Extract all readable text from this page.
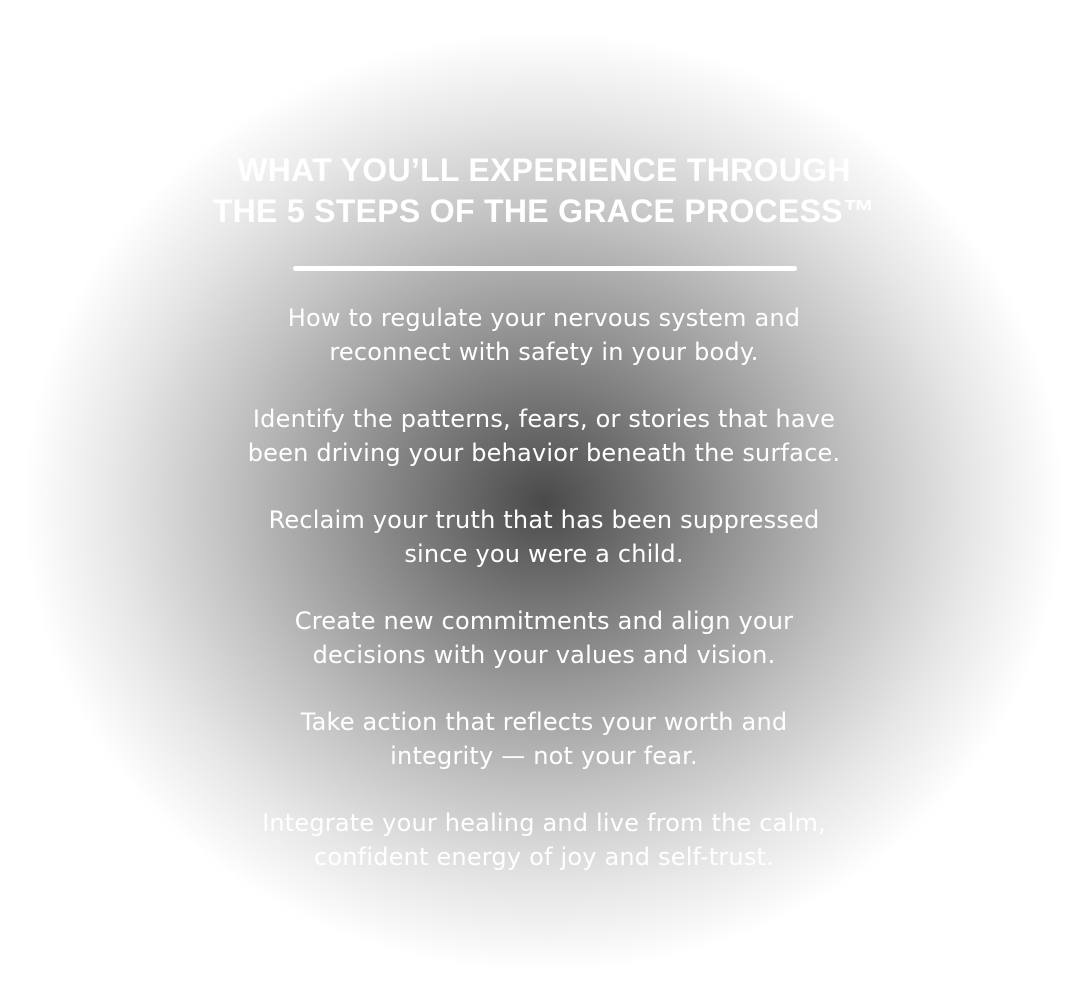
WHAT YOU’LL EXPERIENCE THROUGH
THE 5 STEPS OF THE GRACE PROCESS™
How to regulate your nervous system and
reconnect with safety in your body.
Identify the patterns, fears, or stories that have
been driving your behavior beneath the surface.
Reclaim your truth that has been suppressed
since you were a child.
Create new commitments and align your
decisions with your values and vision.
Take action that reflects your worth and
integrity — not your fear.
Integrate your healing and live from the calm,
confident energy of joy and self-trust.
